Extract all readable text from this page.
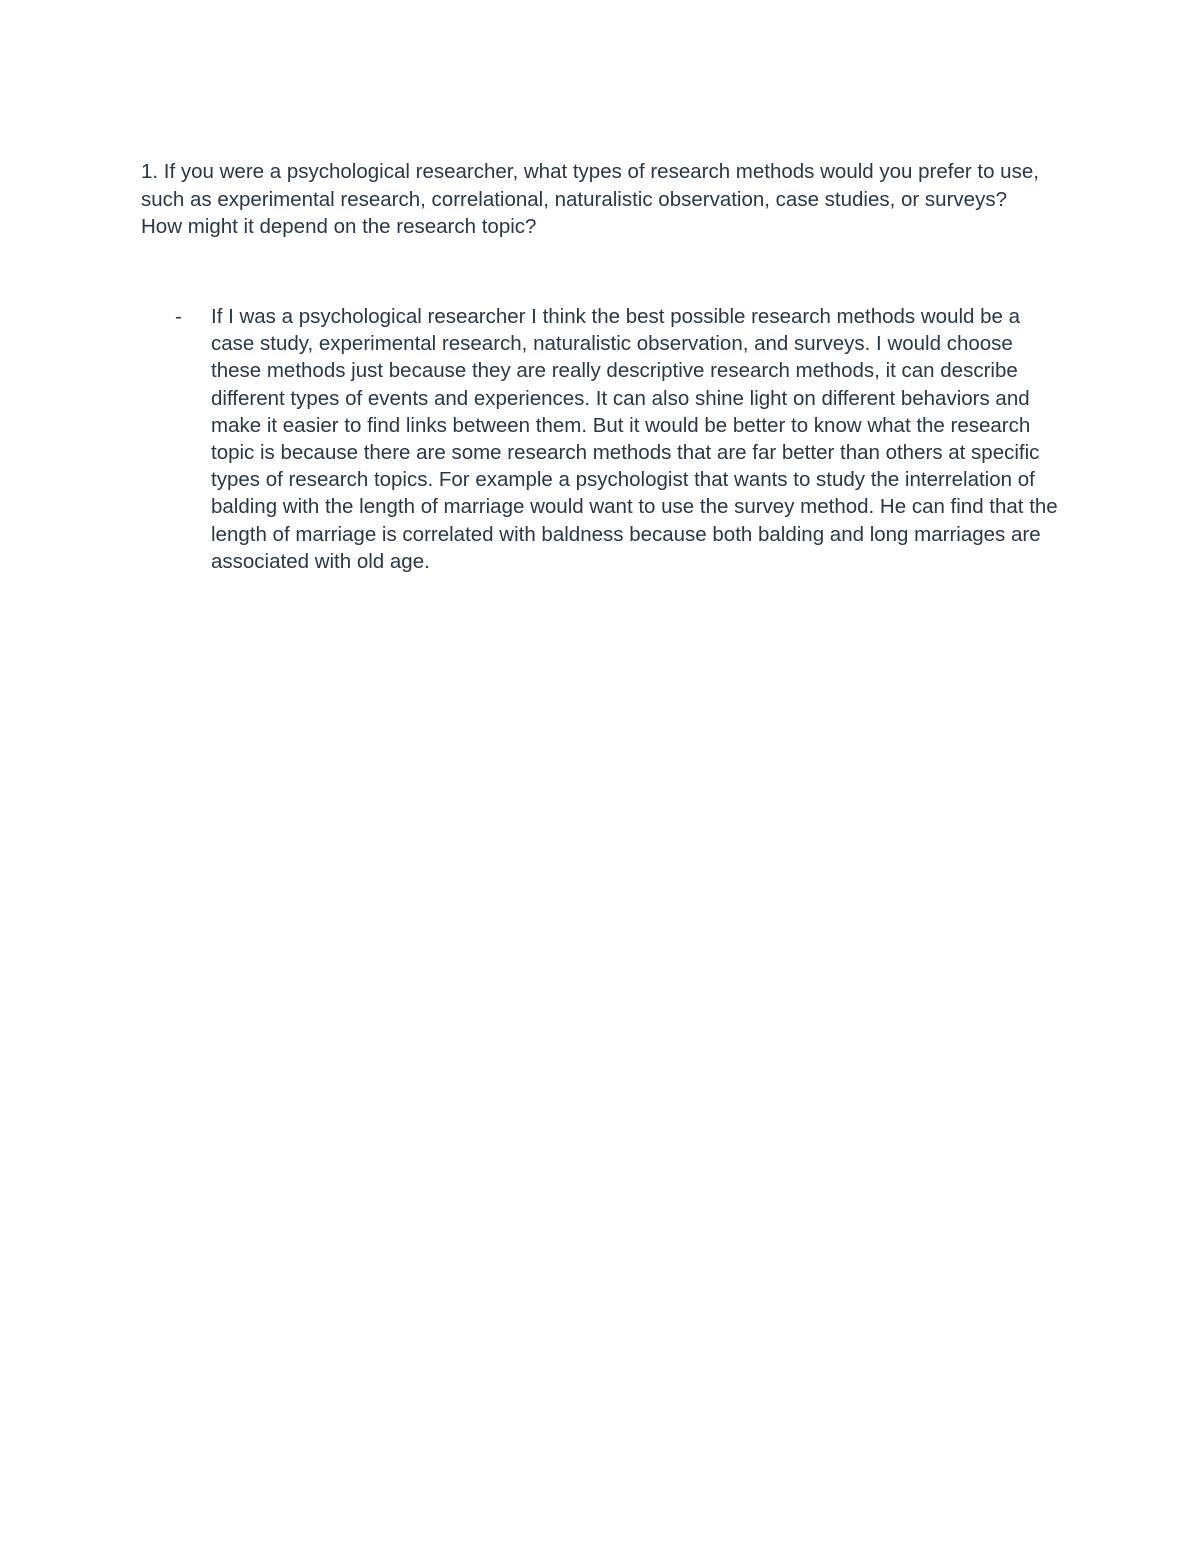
1. If you were a psychological researcher, what types of research methods would you prefer to use, such as experimental research, correlational, naturalistic observation, case studies, or surveys?    How might it depend on the research topic?

- If I was a psychological researcher I think the best possible research methods would be a case study, experimental research, naturalistic observation, and surveys. I would choose these methods just because they are really descriptive research methods, it can describe different types of events and experiences. It can also shine light on different behaviors and make it easier to find links between them. But it would be better to know what the research topic is because there are some research methods that are far better than others at specific types of research topics. For example a psychologist that wants to study the interrelation of balding with the length of marriage would want to use the survey method. He can find that the length of marriage is correlated with baldness because both balding and long marriages are associated with old age.
